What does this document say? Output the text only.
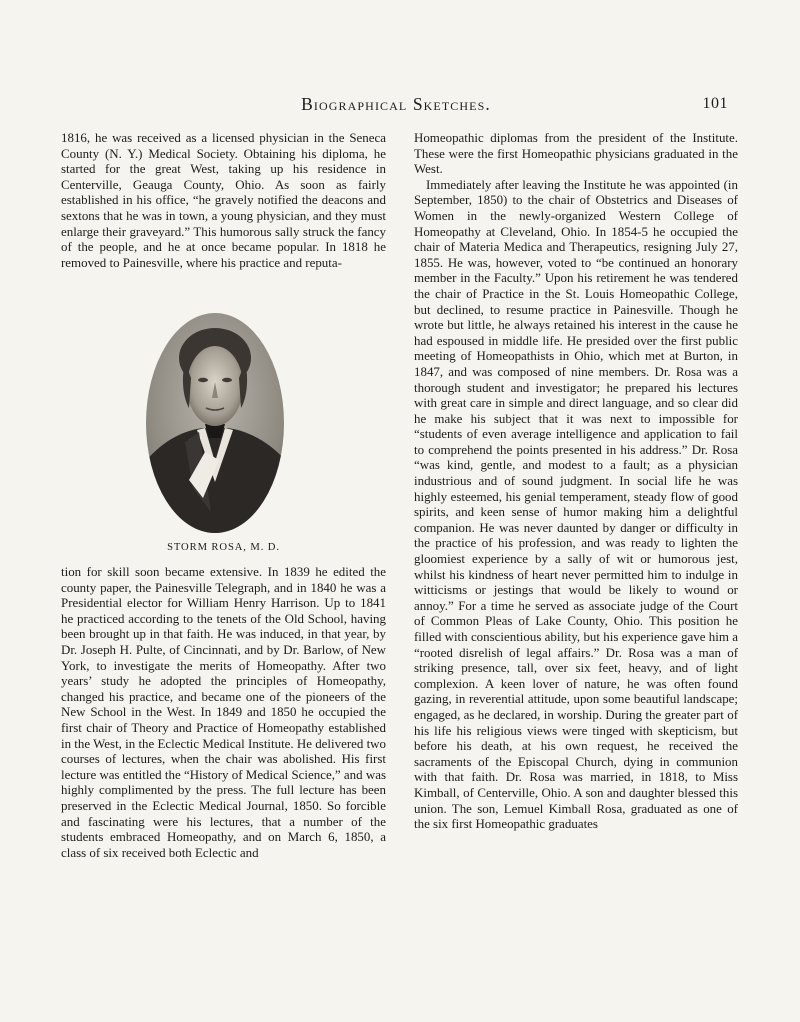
Biographical Sketches.	101

1816, he was received as a licensed physician in the Seneca County (N. Y.) Medical Society. Obtaining his diploma, he started for the great West, taking up his residence in Centerville, Geauga County, Ohio. As soon as fairly established in his office, “he gravely notified the deacons and sextons that he was in town, a young physician, and they must enlarge their graveyard.” This humorous sally struck the fancy of the people, and he at once became popular. In 1818 he removed to Painesville, where his practice and reputa-

STORM ROSA, M. D.

tion for skill soon became extensive. In 1839 he edited the county paper, the Painesville Telegraph, and in 1840 he was a Presidential elector for William Henry Harrison. Up to 1841 he practiced according to the tenets of the Old School, having been brought up in that faith. He was induced, in that year, by Dr. Joseph H. Pulte, of Cincinnati, and by Dr. Barlow, of New York, to investigate the merits of Homeopathy. After two years’ study he adopted the principles of Homeopathy, changed his practice, and became one of the pioneers of the New School in the West. In 1849 and 1850 he occupied the first chair of Theory and Practice of Homeopathy established in the West, in the Eclectic Medical Institute. He delivered two courses of lectures, when the chair was abolished. His first lecture was entitled the “History of Medical Science,” and was highly complimented by the press. The full lecture has been preserved in the Eclectic Medical Journal, 1850. So forcible and fascinating were his lectures, that a number of the students embraced Homeopathy, and on March 6, 1850, a class of six received both Eclectic and

Homeopathic diplomas from the president of the Institute. These were the first Homeopathic physicians graduated in the West.

Immediately after leaving the Institute he was appointed (in September, 1850) to the chair of Obstetrics and Diseases of Women in the newly-organized Western College of Homeopathy at Cleveland, Ohio. In 1854-5 he occupied the chair of Materia Medica and Therapeutics, resigning July 27, 1855. He was, however, voted to “be continued an honorary member in the Faculty.” Upon his retirement he was tendered the chair of Practice in the St. Louis Homeopathic College, but declined, to resume practice in Painesville. Though he wrote but little, he always retained his interest in the cause he had espoused in middle life. He presided over the first public meeting of Homeopathists in Ohio, which met at Burton, in 1847, and was composed of nine members. Dr. Rosa was a thorough student and investigator; he prepared his lectures with great care in simple and direct language, and so clear did he make his subject that it was next to impossible for “students of even average intelligence and application to fail to comprehend the points presented in his address.” Dr. Rosa “was kind, gentle, and modest to a fault; as a physician industrious and of sound judgment. In social life he was highly esteemed, his genial temperament, steady flow of good spirits, and keen sense of humor making him a delightful companion. He was never daunted by danger or difficulty in the practice of his profession, and was ready to lighten the gloomiest experience by a sally of wit or humorous jest, whilst his kindness of heart never permitted him to indulge in witticisms or jestings that would be likely to wound or annoy.” For a time he served as associate judge of the Court of Common Pleas of Lake County, Ohio. This position he filled with conscientious ability, but his experience gave him a “rooted disrelish of legal affairs.” Dr. Rosa was a man of striking presence, tall, over six feet, heavy, and of light complexion. A keen lover of nature, he was often found gazing, in reverential attitude, upon some beautiful landscape; engaged, as he declared, in worship. During the greater part of his life his religious views were tinged with skepticism, but before his death, at his own request, he received the sacraments of the Episcopal Church, dying in communion with that faith. Dr. Rosa was married, in 1818, to Miss Kimball, of Centerville, Ohio. A son and daughter blessed this union. The son, Lemuel Kimball Rosa, graduated as one of the six first Homeopathic graduates
